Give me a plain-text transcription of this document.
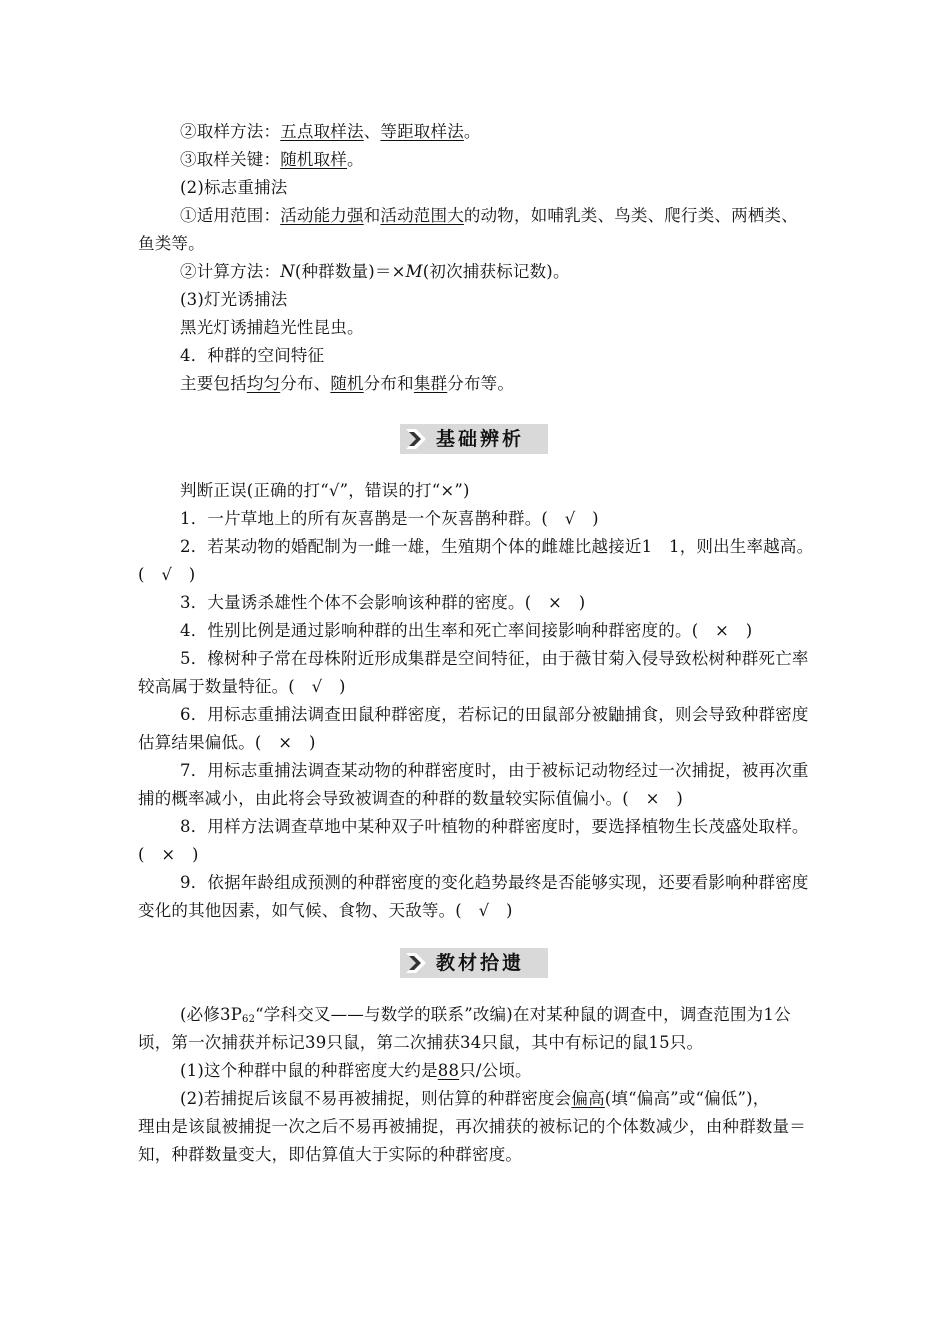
②取样方法：五点取样法、等距取样法。
③取样关键：随机取样。
(2)标志重捕法
①适用范围：活动能力强和活动范围大的动物，如哺乳类、鸟类、爬行类、两栖类、
鱼类等。
②计算方法：N(种群数量)＝×M(初次捕获标记数)。
(3)灯光诱捕法
黑光灯诱捕趋光性昆虫。
4．种群的空间特征
主要包括均匀分布、随机分布和集群分布等。
基础辨析
判断正误(正确的打“√”，错误的打“×”)
1．一片草地上的所有灰喜鹊是一个灰喜鹊种群。(　√　)
2．若某动物的婚配制为一雌一雄，生殖期个体的雌雄比越接近1　1，则出生率越高。
(　√　)
3．大量诱杀雄性个体不会影响该种群的密度。(　×　)
4．性别比例是通过影响种群的出生率和死亡率间接影响种群密度的。(　×　)
5．橡树种子常在母株附近形成集群是空间特征，由于薇甘菊入侵导致松树种群死亡率
较高属于数量特征。(　√　)
6．用标志重捕法调查田鼠种群密度，若标记的田鼠部分被鼬捕食，则会导致种群密度
估算结果偏低。(　×　)
7．用标志重捕法调查某动物的种群密度时，由于被标记动物经过一次捕捉，被再次重
捕的概率减小，由此将会导致被调查的种群的数量较实际值偏小。(　×　)
8．用样方法调查草地中某种双子叶植物的种群密度时，要选择植物生长茂盛处取样。
(　×　)
9．依据年龄组成预测的种群密度的变化趋势最终是否能够实现，还要看影响种群密度
变化的其他因素，如气候、食物、天敌等。(　√　)
教材拾遗
(必修$3P_{62}“$学科交叉——与数学的联系”改编)在对某种鼠的调查中，调查范围为1公
顷，第一次捕获并标记39只鼠，第二次捕获34只鼠，其中有标记的鼠15只。
(1)这个种群中鼠的种群密度大约是88只/公顷。
(2)若捕捉后该鼠不易再被捕捉，则估算的种群密度会偏高(填“偏高”或“偏低”)，
理由是该鼠被捕捉一次之后不易再被捕捉，再次捕获的被标记的个体数减少，由种群数量＝
知，种群数量变大，即估算值大于实际的种群密度。
